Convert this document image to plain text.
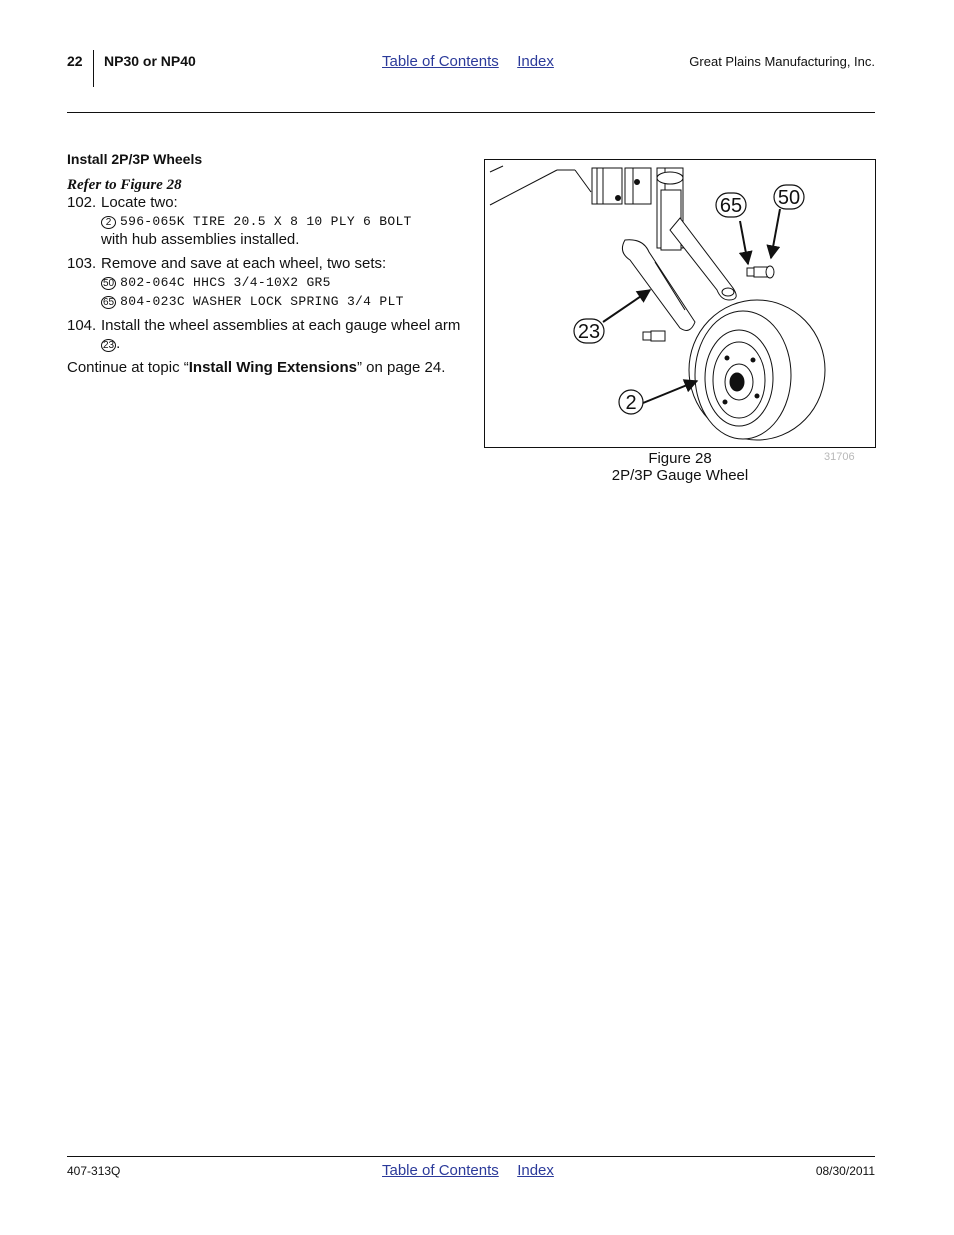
22 NP30 or NP40	Table of Contents Index	Great Plains Manufacturing, Inc.
Install 2P/3P Wheels
Refer to Figure 28
102. Locate two:
2 596-065K TIRE 20.5 X 8 10 PLY 6 BOLT
with hub assemblies installed.
103. Remove and save at each wheel, two sets:
50 802-064C HHCS 3/4-10X2 GR5
65 804-023C WASHER LOCK SPRING 3/4 PLT
104. Install the wheel assemblies at each gauge wheel arm 23 .
Continue at topic “Install Wing Extensions” on page 24.
65 50
23
2
Figure 28
2P/3P Gauge Wheel
31706
407-313Q	Table of Contents Index	08/30/2011
